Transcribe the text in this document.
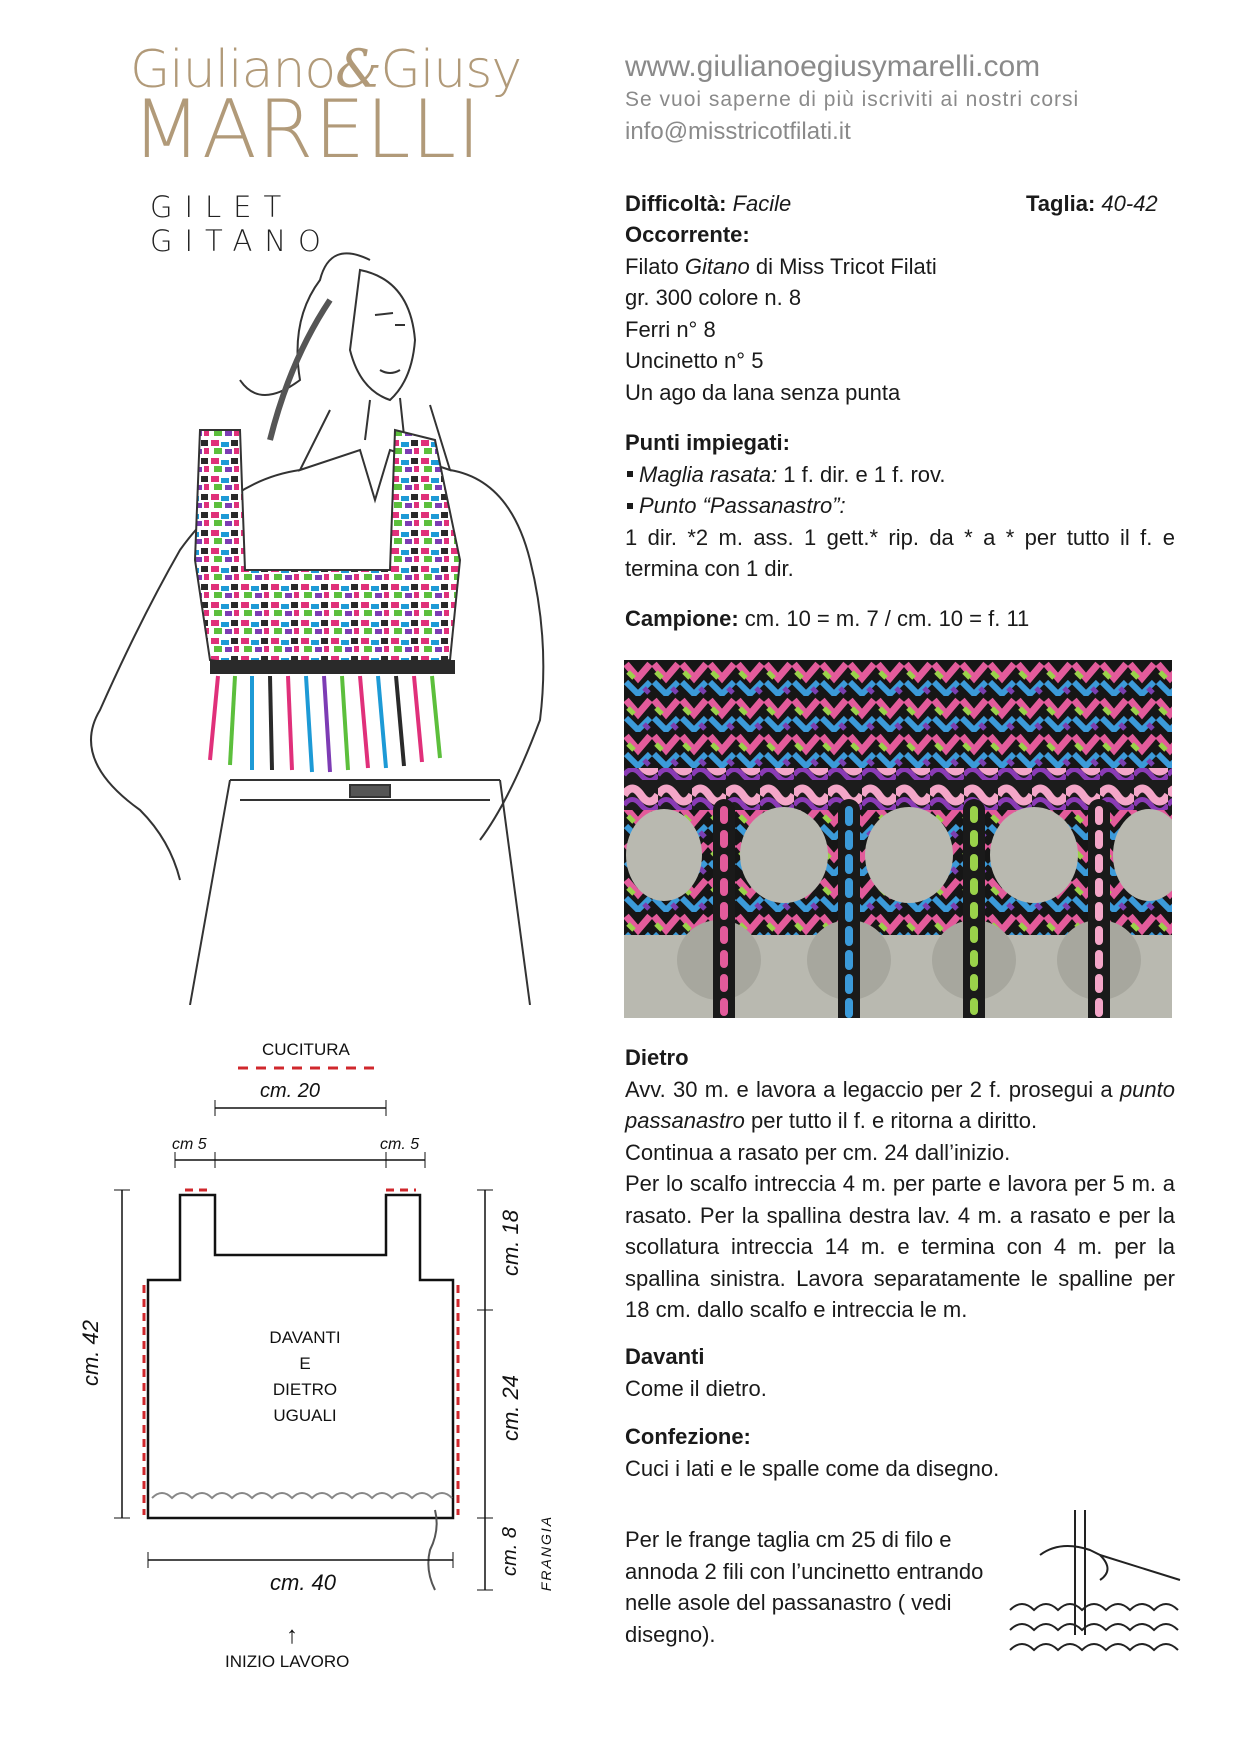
Giuliano&Giusy
MARELLI
GILET GITANO
www.giulianoegiusymarelli.com
Se vuoi saperne di più iscriviti ai nostri corsi
info@misstricotfilati.it
Difficoltà: Facile	Taglia: 40-42
Occorrente:
Filato Gitano di Miss Tricot Filati
gr. 300 colore n. 8
Ferri n° 8
Uncinetto n° 5
Un ago da lana senza punta
Punti impiegati:
Maglia rasata: 1 f. dir. e 1 f. rov.
Punto “Passanastro”:
1 dir. *2 m. ass. 1 gett.* rip. da * a * per tutto il f. e termina con 1 dir.
Campione: cm. 10 = m. 7 / cm. 10 = f. 11
Dietro
Avv. 30 m. e lavora a legaccio per 2 f. prosegui a punto passanastro per tutto il f. e ritorna a diritto.
Continua a rasato per cm. 24 dall’inizio.
Per lo scalfo intreccia 4 m. per parte e lavora per 5 m. a rasato. Per la spallina destra lav. 4 m. a rasato e per la scollatura intreccia 14 m. e termina con 4 m. per la spallina sinistra. Lavora separatamente le spalline per 18 cm. dallo scalfo e intreccia le m.
Davanti
Come il dietro.
Confezione:
Cuci i lati e le spalle come da disegno.
Per le frange taglia cm 25 di filo e annoda 2 fili con l’uncinetto entrando nelle asole del passanastro ( vedi disegno).
CUCITURA
cm. 20
cm 5	cm. 5
cm. 42
cm. 18
cm. 24
cm. 8 FRANGIA
cm. 40
DAVANTI
E
DIETRO
UGUALI
↑
INIZIO LAVORO
